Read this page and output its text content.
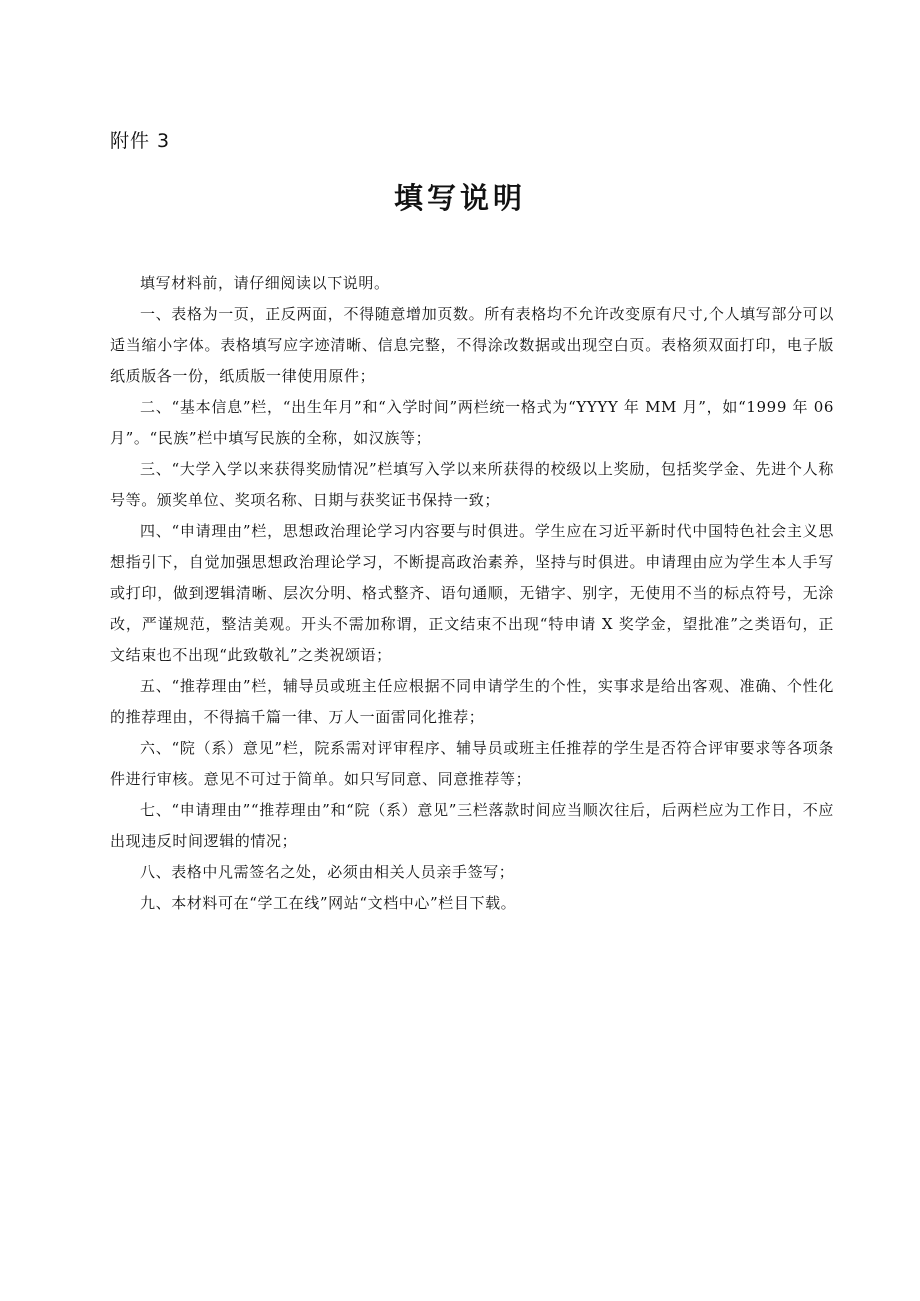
附件 3
填写说明

填写材料前，请仔细阅读以下说明。

一、表格为一页，正反两面，不得随意增加页数。所有表格均不允许改变原有尺寸,个人填写部分可以适当缩小字体。表格填写应字迹清晰、信息完整，不得涂改数据或出现空白页。表格须双面打印，电子版纸质版各一份，纸质版一律使用原件；

二、“基本信息”栏，“出生年月”和“入学时间”两栏统一格式为“YYYY 年 MM 月”，如“1999 年 06 月”。“民族”栏中填写民族的全称，如汉族等；

三、“大学入学以来获得奖励情况”栏填写入学以来所获得的校级以上奖励，包括奖学金、先进个人称号等。颁奖单位、奖项名称、日期与获奖证书保持一致；

四、“申请理由”栏，思想政治理论学习内容要与时俱进。学生应在习近平新时代中国特色社会主义思想指引下，自觉加强思想政治理论学习，不断提高政治素养，坚持与时俱进。申请理由应为学生本人手写或打印，做到逻辑清晰、层次分明、格式整齐、语句通顺，无错字、别字，无使用不当的标点符号，无涂改，严谨规范，整洁美观。开头不需加称谓，正文结束不出现“特申请 X 奖学金，望批准”之类语句，正文结束也不出现“此致敬礼”之类祝颂语；

五、“推荐理由”栏，辅导员或班主任应根据不同申请学生的个性，实事求是给出客观、准确、个性化的推荐理由，不得搞千篇一律、万人一面雷同化推荐；

六、“院（系）意见”栏，院系需对评审程序、辅导员或班主任推荐的学生是否符合评审要求等各项条件进行审核。意见不可过于简单。如只写同意、同意推荐等；

七、“申请理由”“推荐理由”和“院（系）意见”三栏落款时间应当顺次往后，后两栏应为工作日，不应出现违反时间逻辑的情况；

八、表格中凡需签名之处，必须由相关人员亲手签写；

九、本材料可在“学工在线”网站“文档中心”栏目下载。
